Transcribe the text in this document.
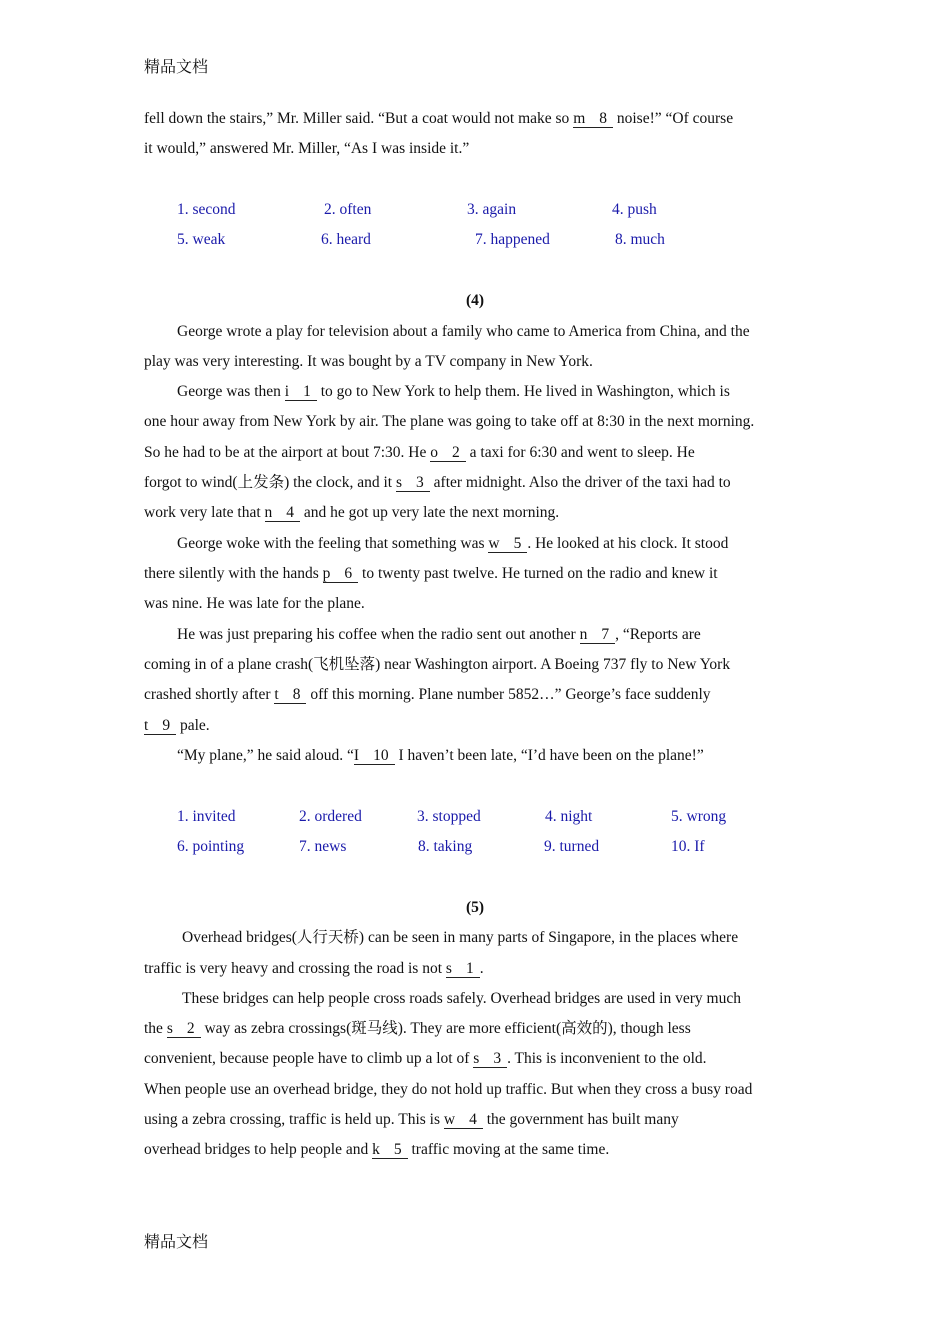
精品文档
fell down the stairs,” Mr. Miller said. “But a coat would not make so m 8 noise!” “Of course
it would,” answered Mr. Miller, “As I was inside it.”
1. second	2. often	3. again	4. push
5. weak	6. heard	7. happened	8. much
(4)
George wrote a play for television about a family who came to America from China, and the
play was very interesting. It was bought by a TV company in New York.
George was then i 1 to go to New York to help them. He lived in Washington, which is
one hour away from New York by air. The plane was going to take off at 8:30 in the next morning.
So he had to be at the airport at bout 7:30. He o 2 a taxi for 6:30 and went to sleep. He
forgot to wind(上发条) the clock, and it s 3 after midnight. Also the driver of the taxi had to
work very late that n 4 and he got up very late the next morning.
George woke with the feeling that something was w 5 . He looked at his clock. It stood
there silently with the hands p 6 to twenty past twelve. He turned on the radio and knew it
was nine. He was late for the plane.
He was just preparing his coffee when the radio sent out another n 7 , “Reports are
coming in of a plane crash(飞机坠落) near Washington airport. A Boeing 737 fly to New York
crashed shortly after t 8 off this morning. Plane number 5852…” George’s face suddenly
t 9 pale.
“My plane,” he said aloud. “I 10 I haven’t been late, “I’d have been on the plane!”
1. invited	2. ordered	3. stopped	4. night	5. wrong
6. pointing	7. news	8. taking	9. turned	10. If
(5)
Overhead bridges(人行天桥) can be seen in many parts of Singapore, in the places where
traffic is very heavy and crossing the road is not s 1 .
These bridges can help people cross roads safely. Overhead bridges are used in very much
the s 2 way as zebra crossings(斑马线). They are more efficient(高效的), though less
convenient, because people have to climb up a lot of s 3 . This is inconvenient to the old.
When people use an overhead bridge, they do not hold up traffic. But when they cross a busy road
using a zebra crossing, traffic is held up. This is w 4 the government has built many
overhead bridges to help people and k 5 traffic moving at the same time.
精品文档
